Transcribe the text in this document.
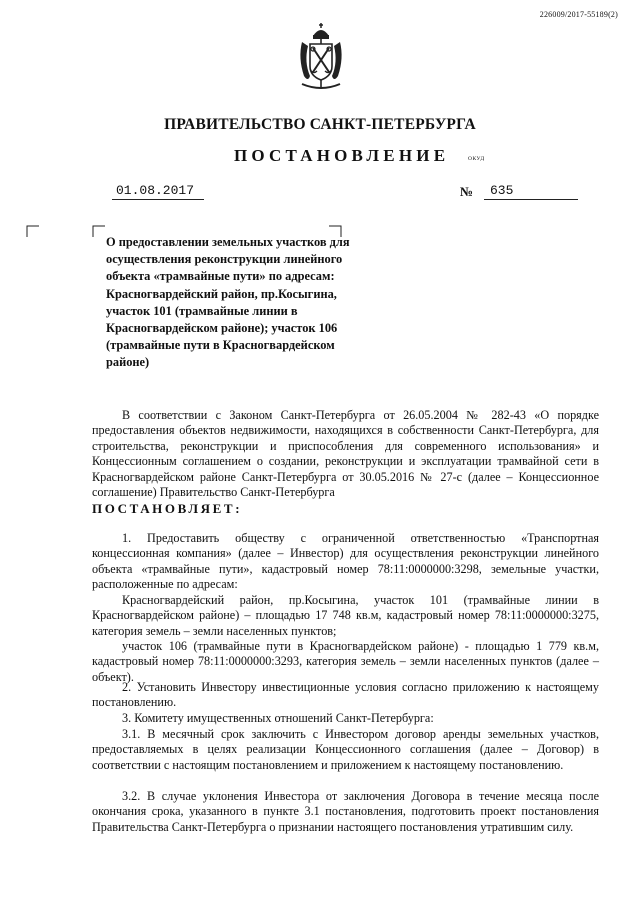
226009/2017-55189(2)
ПРАВИТЕЛЬСТВО САНКТ-ПЕТЕРБУРГА
ПОСТАНОВЛЕНИЕ	ОКУД
01.08.2017	№ 635
О предоставлении земельных участков для осуществления реконструкции линейного объекта «трамвайные пути» по адресам: Красногвардейский район, пр.Косыгина, участок 101 (трамвайные линии в Красногвардейском районе); участок 106 (трамвайные пути в Красногвардейском районе)

В соответствии с Законом Санкт-Петербурга от 26.05.2004 № 282-43 «О порядке предоставления объектов недвижимости, находящихся в собственности Санкт-Петербурга, для строительства, реконструкции и приспособления для современного использования» и Концессионным соглашением о создании, реконструкции и эксплуатации трамвайной сети в Красногвардейском районе Санкт-Петербурга от 30.05.2016 № 27-с (далее – Концессионное соглашение) Правительство Санкт-Петербурга

ПОСТАНОВЛЯЕТ:

1. Предоставить обществу с ограниченной ответственностью «Транспортная концессионная компания» (далее – Инвестор) для осуществления реконструкции линейного объекта «трамвайные пути», кадастровый номер 78:11:0000000:3298, земельные участки, расположенные по адресам:

Красногвардейский район, пр.Косыгина, участок 101 (трамвайные линии в Красногвардейском районе) – площадью 17 748 кв.м, кадастровый номер 78:11:0000000:3275, категория земель – земли населенных пунктов;

участок 106 (трамвайные пути в Красногвардейском районе) - площадью 1 779 кв.м, кадастровый номер 78:11:0000000:3293, категория земель – земли населенных пунктов (далее – объект).

2. Установить Инвестору инвестиционные условия согласно приложению к настоящему постановлению.

3. Комитету имущественных отношений Санкт-Петербурга:

3.1. В месячный срок заключить с Инвестором договор аренды земельных участков, предоставляемых в целях реализации Концессионного соглашения (далее – Договор) в соответствии с настоящим постановлением и приложением к настоящему постановлению.

3.2. В случае уклонения Инвестора от заключения Договора в течение месяца после окончания срока, указанного в пункте 3.1 постановления, подготовить проект постановления Правительства Санкт-Петербурга о признании настоящего постановления утратившим силу.
